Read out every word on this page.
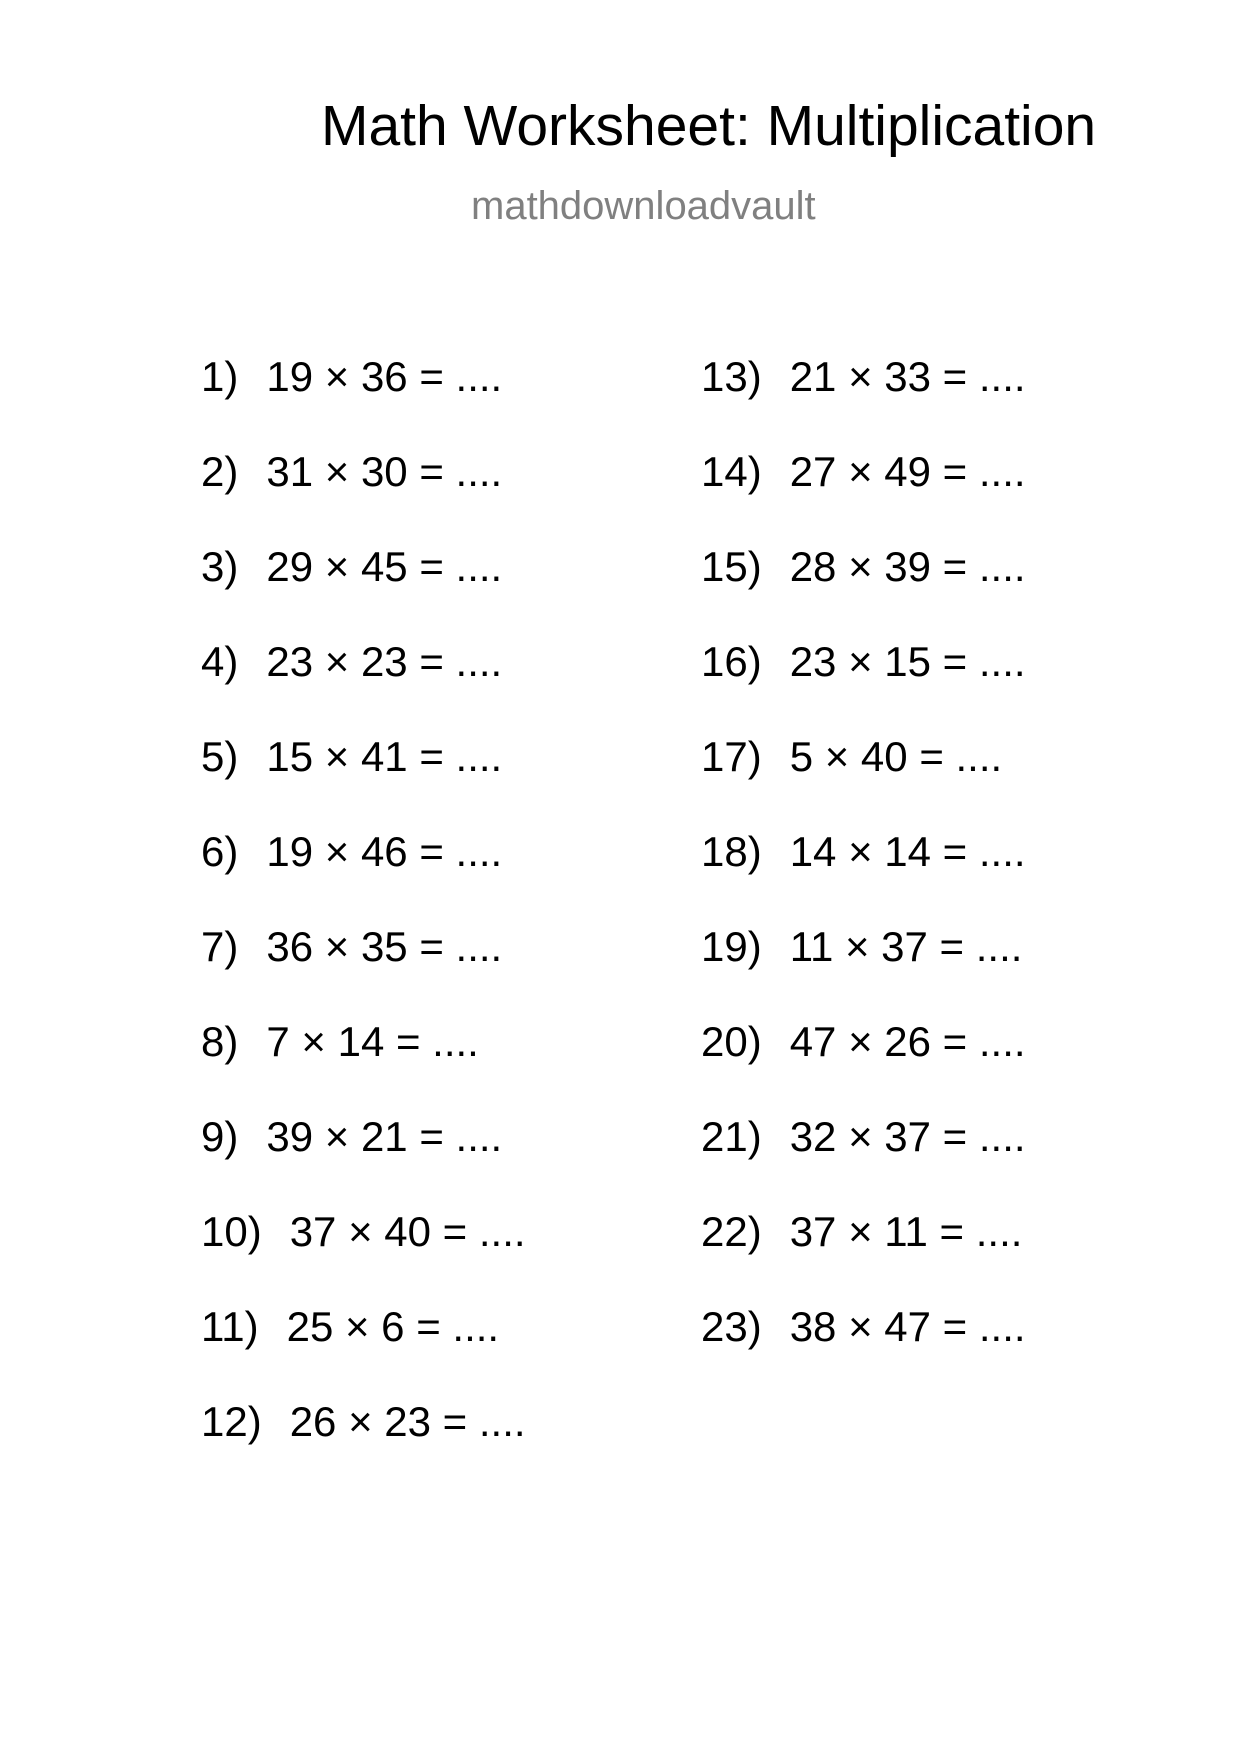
Math Worksheet: Multiplication
mathdownloadvault
1) 19 × 36 = ....
2) 31 × 30 = ....
3) 29 × 45 = ....
4) 23 × 23 = ....
5) 15 × 41 = ....
6) 19 × 46 = ....
7) 36 × 35 = ....
8) 7 × 14 = ....
9) 39 × 21 = ....
10) 37 × 40 = ....
11) 25 × 6 = ....
12) 26 × 23 = ....
13) 21 × 33 = ....
14) 27 × 49 = ....
15) 28 × 39 = ....
16) 23 × 15 = ....
17) 5 × 40 = ....
18) 14 × 14 = ....
19) 11 × 37 = ....
20) 47 × 26 = ....
21) 32 × 37 = ....
22) 37 × 11 = ....
23) 38 × 47 = ....
